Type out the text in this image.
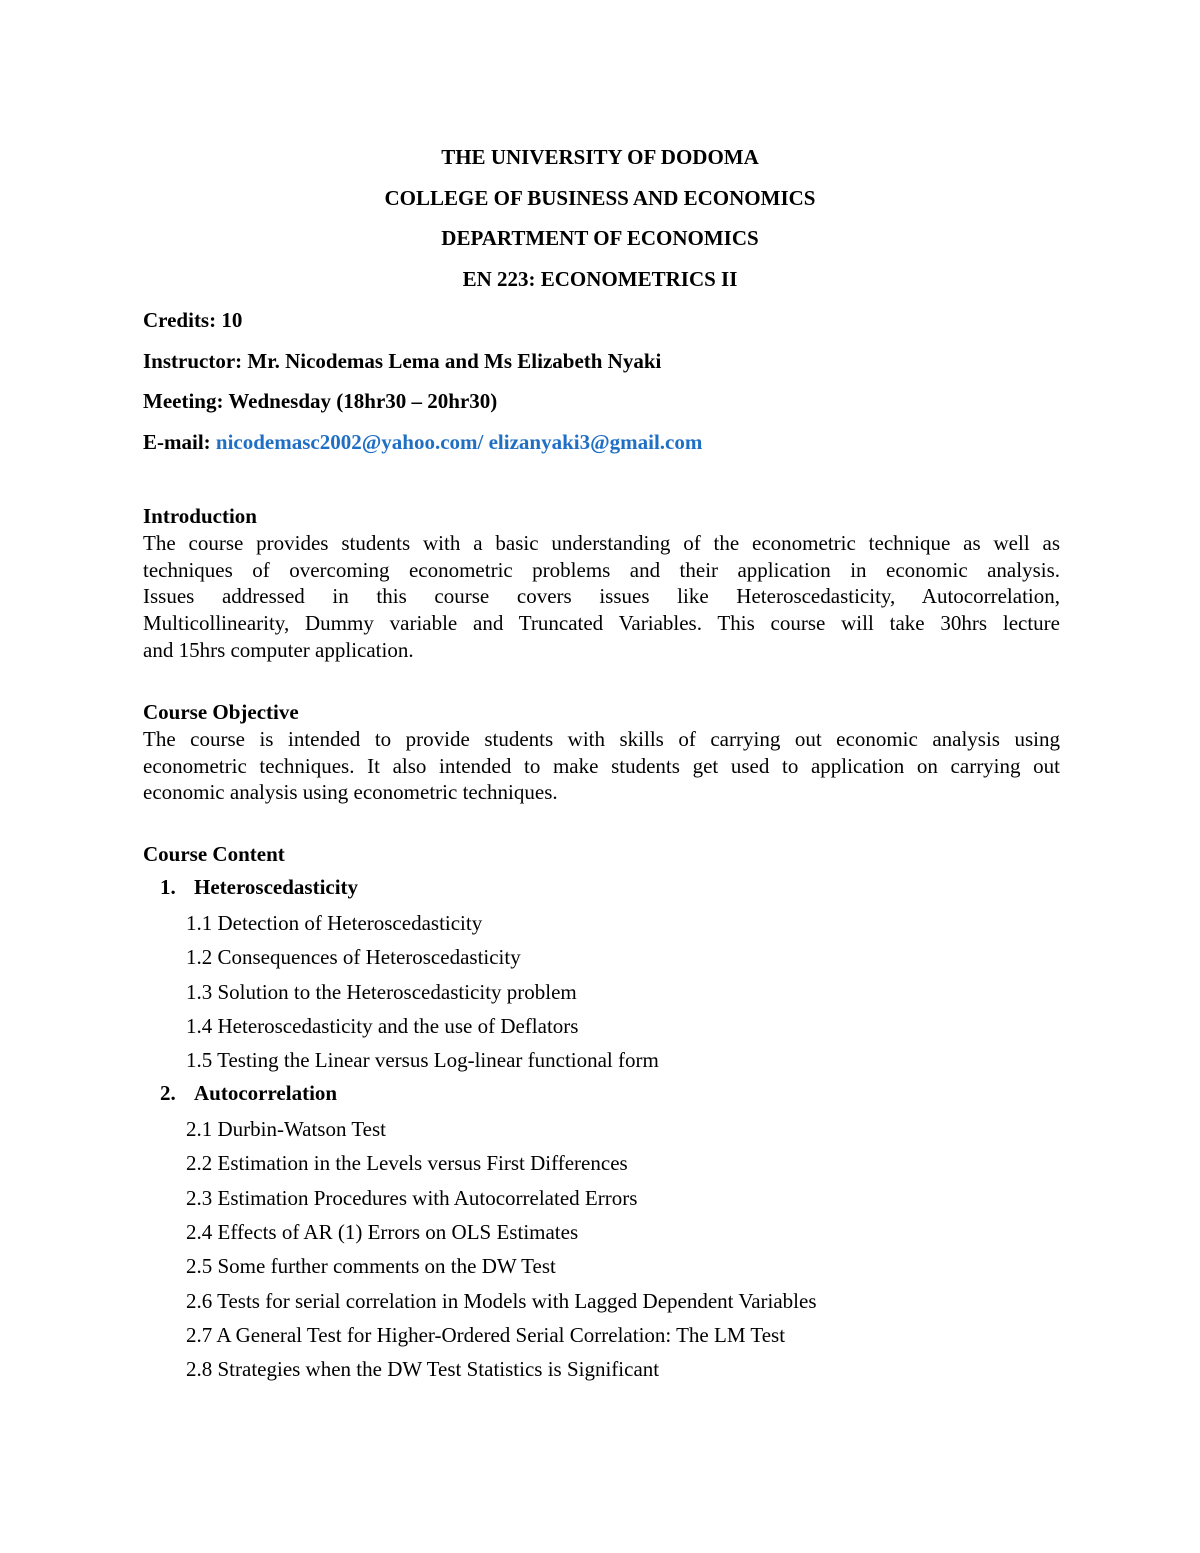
THE UNIVERSITY OF DODOMA
COLLEGE OF BUSINESS AND ECONOMICS
DEPARTMENT OF ECONOMICS
EN 223: ECONOMETRICS II
Credits: 10
Instructor: Mr. Nicodemas Lema and Ms Elizabeth Nyaki
Meeting: Wednesday (18hr30 – 20hr30)
E-mail: nicodemasc2002@yahoo.com/ elizanyaki3@gmail.com
Introduction
The course provides students with a basic understanding of the econometric technique as well as
techniques of overcoming econometric problems and their application in economic analysis.
Issues addressed in this course covers issues like Heteroscedasticity, Autocorrelation,
Multicollinearity, Dummy variable and Truncated Variables. This course will take 30hrs lecture
and 15hrs computer application.
Course Objective
The course is intended to provide students with skills of carrying out economic analysis using
econometric techniques. It also intended to make students get used to application on carrying out
economic analysis using econometric techniques.
Course Content
1. Heteroscedasticity
1.1 Detection of Heteroscedasticity
1.2 Consequences of Heteroscedasticity
1.3 Solution to the Heteroscedasticity problem
1.4 Heteroscedasticity and the use of Deflators
1.5 Testing the Linear versus Log-linear functional form
2. Autocorrelation
2.1 Durbin-Watson Test
2.2 Estimation in the Levels versus First Differences
2.3 Estimation Procedures with Autocorrelated Errors
2.4 Effects of AR (1) Errors on OLS Estimates
2.5 Some further comments on the DW Test
2.6 Tests for serial correlation in Models with Lagged Dependent Variables
2.7 A General Test for Higher-Ordered Serial Correlation: The LM Test
2.8 Strategies when the DW Test Statistics is Significant
